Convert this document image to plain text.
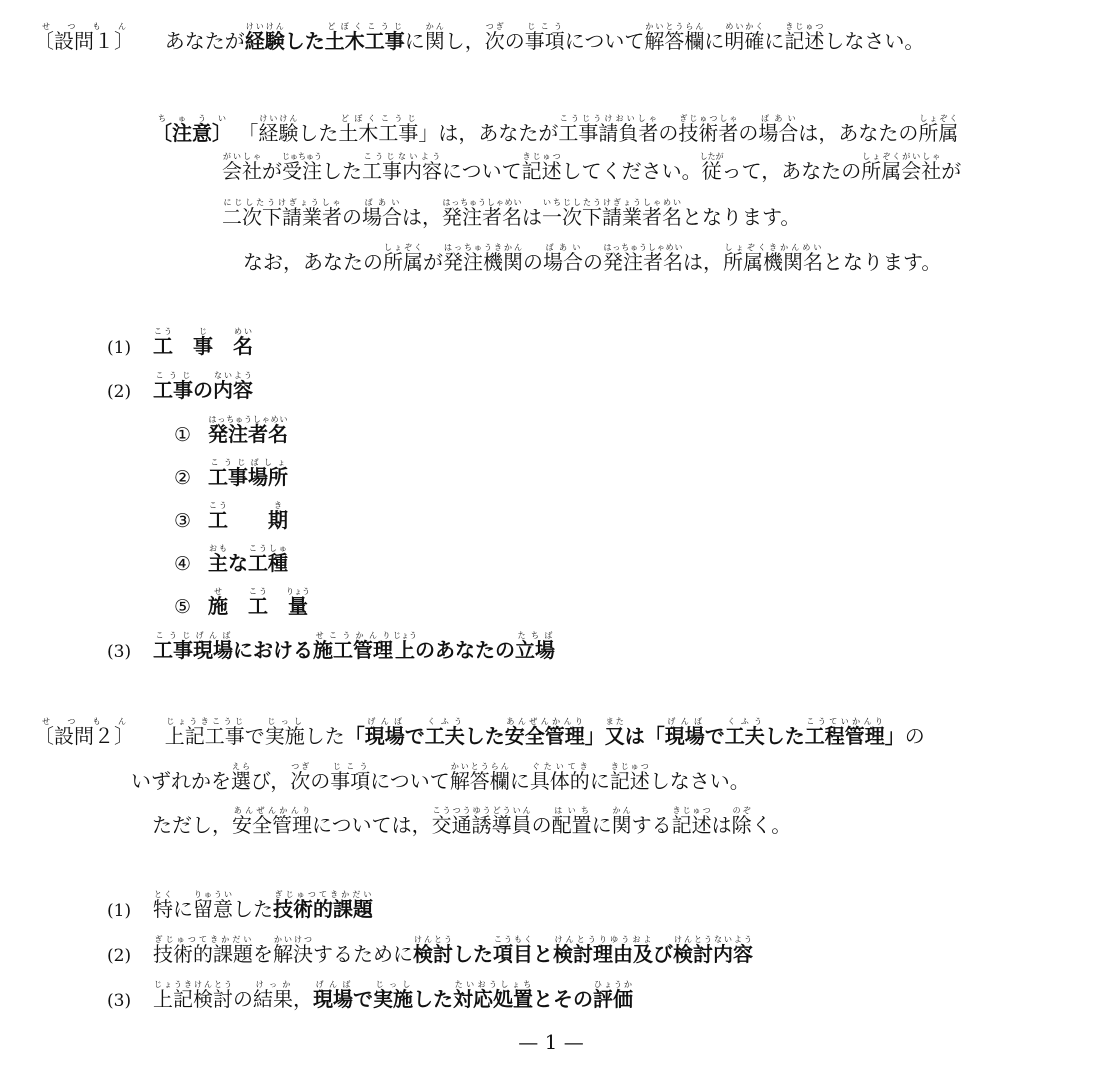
〔設問１〕せつもん  あなたが経験けいけんした土木工事どぼくこうじに関かんし，次つぎの事項じこうについて解答欄かいとうらんに明確めいかくに記述きじゅつしなさい。
〔注意〕ちゅうい 「経験けいけんした土木工事どぼくこうじ」は，あなたが工事請負者こうじうけおいしゃの技術者ぎじゅつしゃの場合ばあいは，あなたの所属しょぞく
会社がいしゃが受注じゅちゅうした工事内容こうじないようについて記述きじゅつしてください。従したがって，あなたの所属会社しょぞくがいしゃが
二次下請業者にじしたうけぎょうしゃの場合ばあいは，発注者名はっちゅうしゃめいは一次下請業者名いちじしたうけぎょうしゃめいとなります。
なお，あなたの所属しょぞくが発注機関はっちゅうきかんの場合ばあいの発注者名はっちゅうしゃめいは，所属機関名しょぞくきかんめいとなります。
(1) 工こう　事じ　名めい
(2) 工事こうじの内容ないよう
① 発注者名はっちゅうしゃめい
② 工事場所こうじばしょ
③ 工こう　　期き
④ 主おもな工種こうしゅ
⑤ 施せ　工こう　量りょう
(3) 工事現場こうじげんばにおける施工管理せこうかんり上じょうのあなたの立場たちば
〔設問２〕せつもん  上記工事じょうきこうじで実施じっしした「現場げんばで工夫くふうした安全管理あんぜんかんり」又または「現場げんばで工夫くふうした工程管理こうていかんり」の
いずれかを選えらび，次つぎの事項じこうについて解答欄かいとうらんに具体的ぐたいてきに記述きじゅつしなさい。
ただし，安全管理あんぜんかんりについては，交通誘導員こうつうゆうどういんの配置はいちに関かんする記述きじゅつは除のぞく。
(1) 特とくに留意りゅういした技術的課題ぎじゅつてきかだい
(2) 技術的課題ぎじゅつてきかだいを解決かいけつするために検討けんとうした項目こうもくと検討理由及けんとうりゆうおよび検討内容けんとうないよう
(3) 上記検討じょうきけんとうの結果けっか，現場げんばで実施じっしした対応処置たいおうしょちとその評価ひょうか
— 1 —
